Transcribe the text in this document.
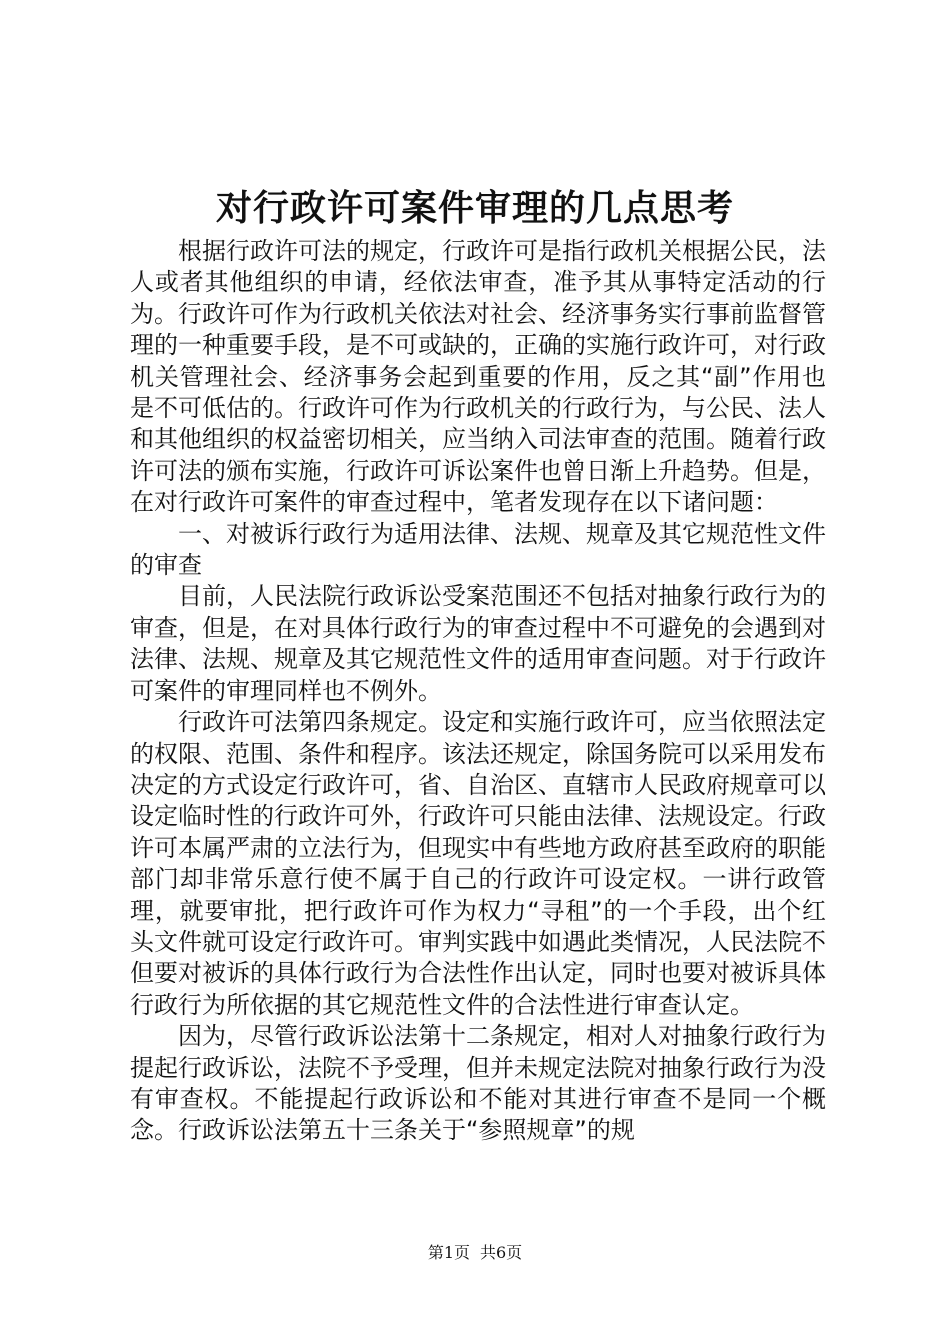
对行政许可案件审理的几点思考

根据行政许可法的规定，行政许可是指行政机关根据公民，法人或者其他组织的申请，经依法审查，准予其从事特定活动的行为。行政许可作为行政机关依法对社会、经济事务实行事前监督管理的一种重要手段，是不可或缺的，正确的实施行政许可，对行政机关管理社会、经济事务会起到重要的作用，反之其“副”作用也是不可低估的。行政许可作为行政机关的行政行为，与公民、法人和其他组织的权益密切相关，应当纳入司法审查的范围。随着行政许可法的颁布实施，行政许可诉讼案件也曾日渐上升趋势。但是，在对行政许可案件的审查过程中，笔者发现存在以下诸问题：

一、对被诉行政行为适用法律、法规、规章及其它规范性文件的审查

目前，人民法院行政诉讼受案范围还不包括对抽象行政行为的审查，但是，在对具体行政行为的审查过程中不可避免的会遇到对法律、法规、规章及其它规范性文件的适用审查问题。对于行政许可案件的审理同样也不例外。

行政许可法第四条规定。设定和实施行政许可，应当依照法定的权限、范围、条件和程序。该法还规定，除国务院可以采用发布决定的方式设定行政许可，省、自治区、直辖市人民政府规章可以设定临时性的行政许可外，行政许可只能由法律、法规设定。行政许可本属严肃的立法行为，但现实中有些地方政府甚至政府的职能部门却非常乐意行使不属于自己的行政许可设定权。一讲行政管理，就要审批，把行政许可作为权力“寻租”的一个手段，出个红头文件就可设定行政许可。审判实践中如遇此类情况，人民法院不但要对被诉的具体行政行为合法性作出认定，同时也要对被诉具体行政行为所依据的其它规范性文件的合法性进行审查认定。

因为，尽管行政诉讼法第十二条规定，相对人对抽象行政行为提起行政诉讼，法院不予受理，但并未规定法院对抽象行政行为没有审查权。不能提起行政诉讼和不能对其进行审查不是同一个概念。行政诉讼法第五十三条关于“参照规章”的规

第1页 共6页
